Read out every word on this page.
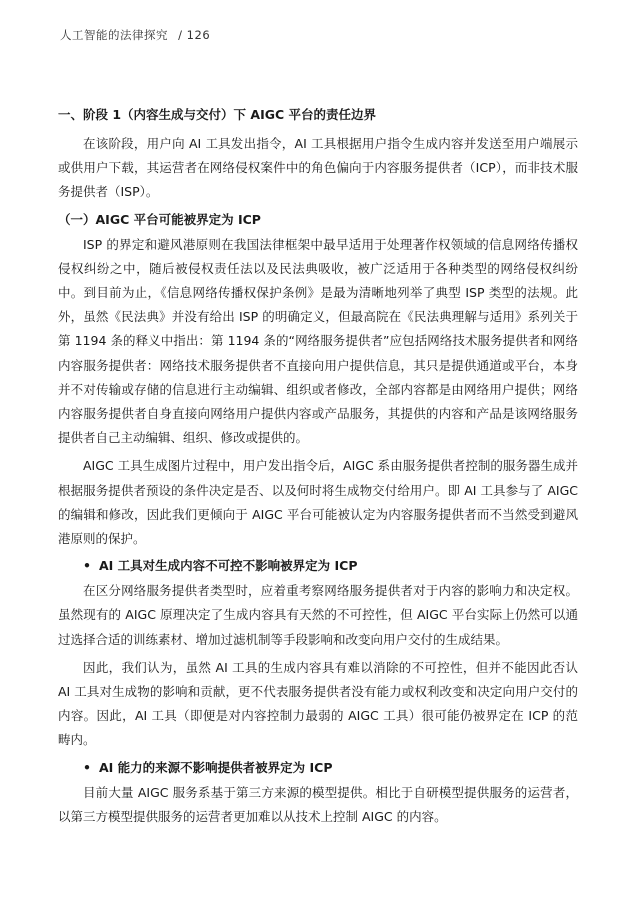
人工智能的法律探究 / 126
一、阶段 1（内容生成与交付）下 AIGC 平台的责任边界
在该阶段，用户向 AI 工具发出指令，AI 工具根据用户指令生成内容并发送至用户端展示或供用户下载，其运营者在网络侵权案件中的角色偏向于内容服务提供者（ICP），而非技术服务提供者（ISP）。
（一）AIGC 平台可能被界定为 ICP
ISP 的界定和避风港原则在我国法律框架中最早适用于处理著作权领域的信息网络传播权侵权纠纷之中，随后被侵权责任法以及民法典吸收，被广泛适用于各种类型的网络侵权纠纷中。到目前为止，《信息网络传播权保护条例》是最为清晰地列举了典型 ISP 类型的法规。此外，虽然《民法典》并没有给出 ISP 的明确定义，但最高院在《民法典理解与适用》系列关于第 1194 条的释义中指出：第 1194 条的“网络服务提供者”应包括网络技术服务提供者和网络内容服务提供者：网络技术服务提供者不直接向用户提供信息，其只是提供通道或平台，本身并不对传输或存储的信息进行主动编辑、组织或者修改，全部内容都是由网络用户提供；网络内容服务提供者自身直接向网络用户提供内容或产品服务，其提供的内容和产品是该网络服务提供者自己主动编辑、组织、修改或提供的。
AIGC 工具生成图片过程中，用户发出指令后，AIGC 系由服务提供者控制的服务器生成并根据服务提供者预设的条件决定是否、以及何时将生成物交付给用户。即 AI 工具参与了 AIGC 的编辑和修改，因此我们更倾向于 AIGC 平台可能被认定为内容服务提供者而不当然受到避风港原则的保护。
• AI 工具对生成内容不可控不影响被界定为 ICP
在区分网络服务提供者类型时，应着重考察网络服务提供者对于内容的影响力和决定权。虽然现有的 AIGC 原理决定了生成内容具有天然的不可控性，但 AIGC 平台实际上仍然可以通过选择合适的训练素材、增加过滤机制等手段影响和改变向用户交付的生成结果。
因此，我们认为，虽然 AI 工具的生成内容具有难以消除的不可控性，但并不能因此否认 AI 工具对生成物的影响和贡献，更不代表服务提供者没有能力或权利改变和决定向用户交付的内容。因此，AI 工具（即便是对内容控制力最弱的 AIGC 工具）很可能仍被界定在 ICP 的范畴内。
• AI 能力的来源不影响提供者被界定为 ICP
目前大量 AIGC 服务系基于第三方来源的模型提供。相比于自研模型提供服务的运营者，以第三方模型提供服务的运营者更加难以从技术上控制 AIGC 的内容。
